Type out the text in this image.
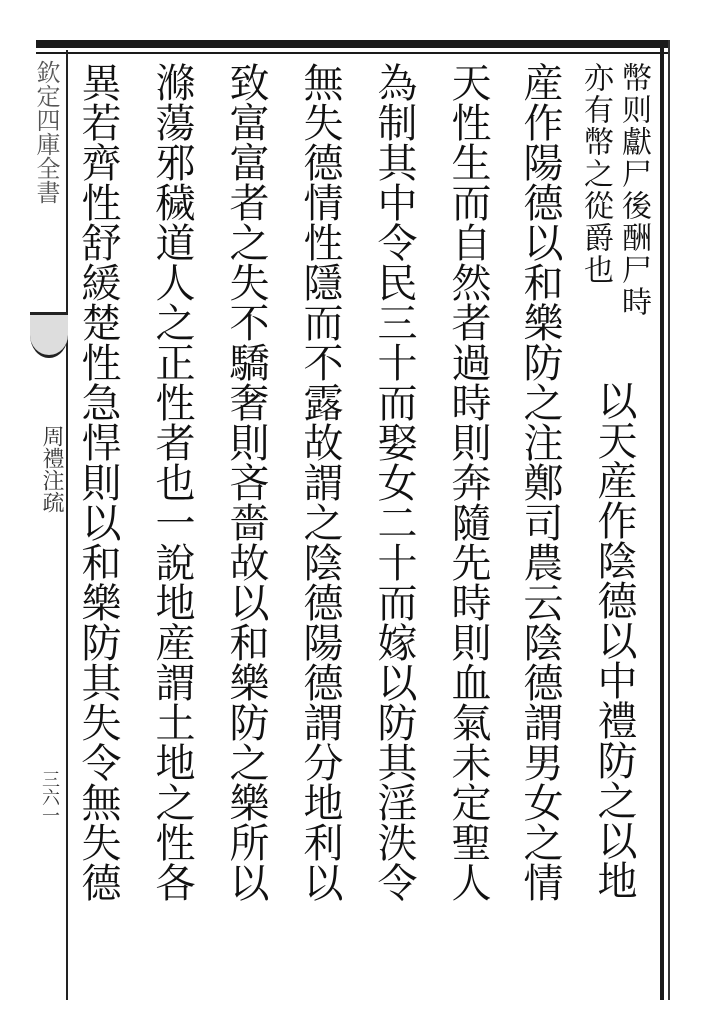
欽定四庫全書
周禮注疏
三六一
幣则獻尸後酬尸時
亦有幣之從爵也
以天産作陰德以中禮防之以地
産作陽德以和樂防之注鄭司農云陰德謂男女之情
天性生而自然者過時則奔隨先時則血氣未定聖人
為制其中令民三十而娶女二十而嫁以防其淫泆令
無失德情性隱而不露故謂之陰德陽德謂分地利以
致富富者之失不驕奢則吝嗇故以和樂防之樂所以
滌蕩邪穢道人之正性者也一說地産謂土地之性各
異若齊性舒緩楚性急悍則以和樂防其失令無失德
